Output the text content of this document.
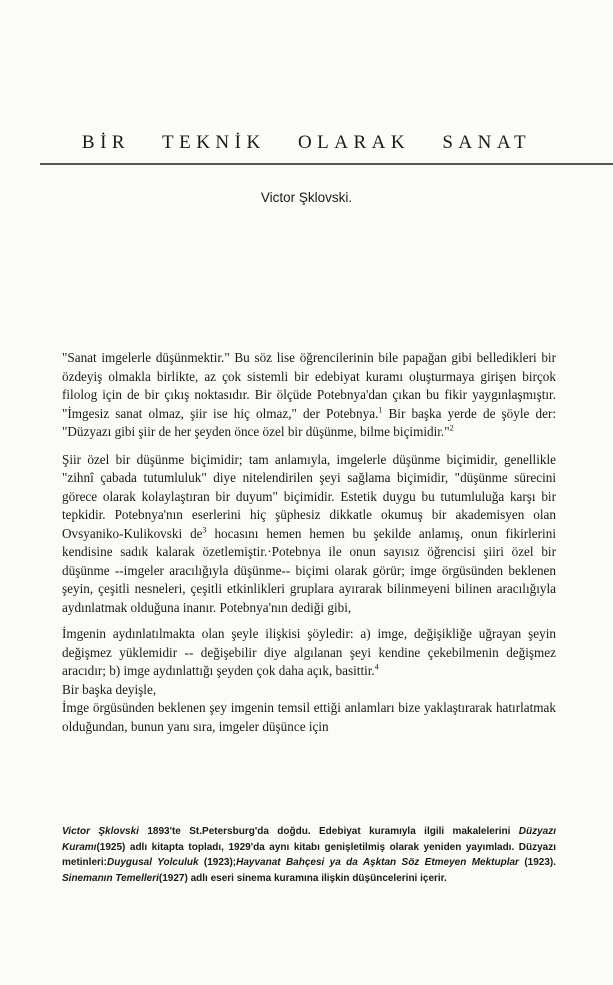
BİR TEKNİK OLARAK SANAT
Victor Şklovski.

"Sanat imgelerle düşünmektir." Bu söz lise öğrencilerinin bile papağan gibi belledikleri bir özdeyiş olmakla birlikte, az çok sistemli bir edebiyat kuramı oluşturmaya girişen birçok filolog için de bir çıkış noktasıdır. Bir ölçüde Potebnya'dan çıkan bu fikir yaygınlaşmıştır. "İmgesiz sanat olmaz, şiir ise hiç olmaz," der Potebnya.$^1$ Bir başka yerde de şöyle der: "Düzyazı gibi şiir de her şeyden önce özel bir düşünme, bilme biçimidir."$^2$

Şiir özel bir düşünme biçimidir; tam anlamıyla, imgelerle düşünme biçimidir, genellikle "zihnî çabada tutumluluk" diye nitelendirilen şeyi sağlama biçimidir, "düşünme sürecini görece olarak kolaylaştıran bir duyum" biçimidir. Estetik duygu bu tutumluluğa karşı bir tepkidir. Potebnya'nın eserlerini hiç şüphesiz dikkatle okumuş bir akademisyen olan Ovsyaniko-Kulikovski $de^3$ hocasını hemen hemen bu şekilde anlamış, onun fikirlerini kendisine sadık kalarak özetlemiştir.·Potebnya ile onun sayısız öğrencisi şiiri özel bir düşünme --imgeler aracılığıyla düşünme-- biçimi olarak görür; imge örgüsünden beklenen şeyin, çeşitli nesneleri, çeşitli etkinlikleri gruplara ayırarak bilinmeyeni bilinen aracılığıyla aydınlatmak olduğuna inanır. Potebnya'nın dediği gibi,

İmgenin aydınlatılmakta olan şeyle ilişkisi şöyledir: a) imge, değişikliğe uğrayan şeyin değişmez yüklemidir -- değişebilir diye algılanan şeyi kendine çekebilmenin değişmez aracıdır; b) imge aydınlattığı şeyden çok daha açık, basittir.$^4$

Bir başka deyişle,

İmge örgüsünden beklenen şey imgenin temsil ettiği anlamları bize yaklaştırarak hatırlatmak olduğundan, bunun yanı sıra, imgeler düşünce için

Victor Şklovski 1893'te St.Petersburg'da doğdu. Edebiyat kuramıyla ilgili makalelerini Düzyazı Kuramı(1925) adlı kitapta topladı, 1929'da aynı kitabı genişletilmiş olarak yeniden yayımladı. Düzyazı metinleri:Duygusal Yolculuk (1923);Hayvanat Bahçesi ya da Aşktan Söz Etmeyen Mektuplar (1923). Sinemanın Temelleri(1927) adlı eseri sinema kuramına ilişkin düşüncelerini içerir.
